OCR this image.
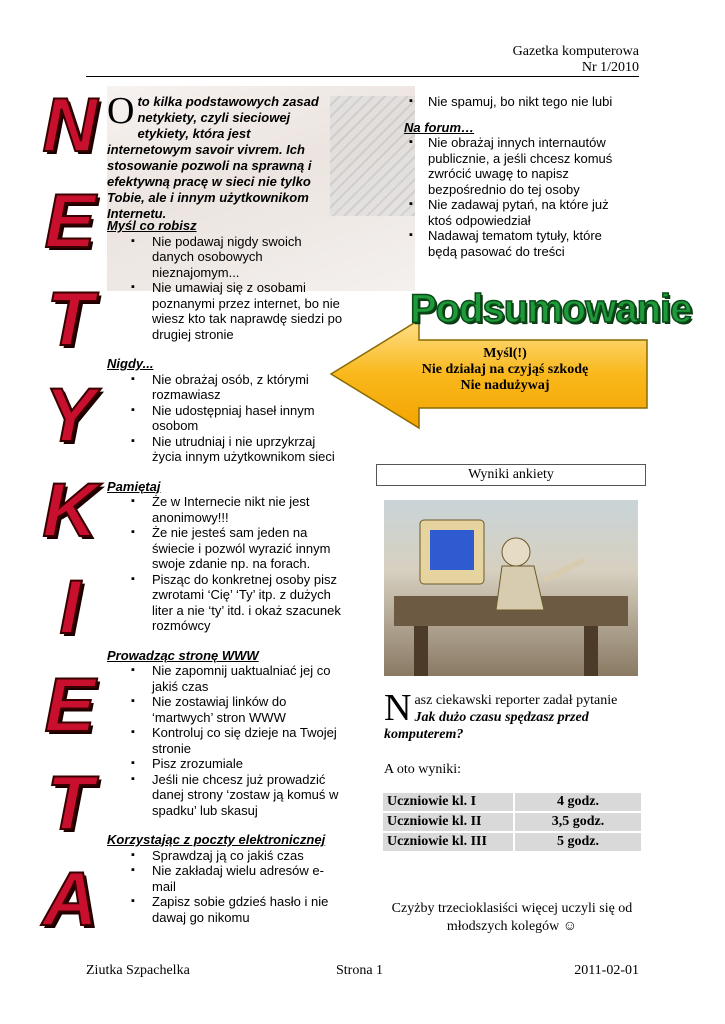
Gazetka komputerowa
Nr 1/2010
N
E
T
Y
K
I
E
T
A
Oto kilka podstawowych zasad netykiety, czyli sieciowej etykiety, która jest internetowym savoir vivrem. Ich stosowanie pozwoli na sprawną i efektywną pracę w sieci nie tylko Tobie, ale i innym użytkownikom Internetu.

Myśl co robisz

▪ Nie podawaj nigdy swoich danych osobowych nieznajomym...
▪ Nie umawiaj się z osobami poznanymi przez internet, bo nie wiesz kto tak naprawdę siedzi po drugiej stronie

Nigdy...

▪ Nie obrażaj osób, z którymi rozmawiasz
▪ Nie udostępniaj haseł innym osobom
▪ Nie utrudniaj i nie uprzykrzaj życia innym użytkownikom sieci

Pamiętaj

▪ Że w Internecie nikt nie jest anonimowy!!!
▪ Że nie jesteś sam jeden na świecie i pozwól wyrazić innym swoje zdanie np. na forach.
▪ Pisząc do konkretnej osoby pisz zwrotami ‘Cię’ ‘Ty’ itp. z dużych liter a nie ‘ty’ itd. i okaż szacunek rozmówcy

Prowadząc stronę WWW

▪ Nie zapomnij uaktualniać jej co jakiś czas
▪ Nie zostawiaj linków do ‘martwych’ stron WWW
▪ Kontroluj co się dzieje na Twojej stronie
▪ Pisz zrozumiale
▪ Jeśli nie chcesz już prowadzić danej strony ‘zostaw ją komuś w spadku’ lub skasuj

Korzystając z poczty elektronicznej

▪ Sprawdzaj ją co jakiś czas
▪ Nie zakładaj wielu adresów e-mail
▪ Zapisz sobie gdzieś hasło i nie dawaj go nikomu
▪ Nie spamuj, bo nikt tego nie lubi

Na forum…

▪ Nie obrażaj innych internautów publicznie, a jeśli chcesz komuś zwrócić uwagę to napisz bezpośrednio do tej osoby
▪ Nie zadawaj pytań, na które już ktoś odpowiedział
▪ Nadawaj tematom tytuły, które będą pasować do treści
Podsumowanie
Myśl(!)
Nie działaj na czyjąś szkodę
Nie nadużywaj
Wyniki ankiety
Nasz ciekawski reporter zadał pytanie Jak dużo czasu spędzasz przed komputerem?
A oto wyniki:
Uczniowie kl. I	4 godz.
Uczniowie kl. II	3,5 godz.
Uczniowie kl. III	5 godz.
Czyżby trzecioklasiści więcej uczyli się od młodszych kolegów ☺
Ziutka Szpachelka	Strona 1	2011-02-01
